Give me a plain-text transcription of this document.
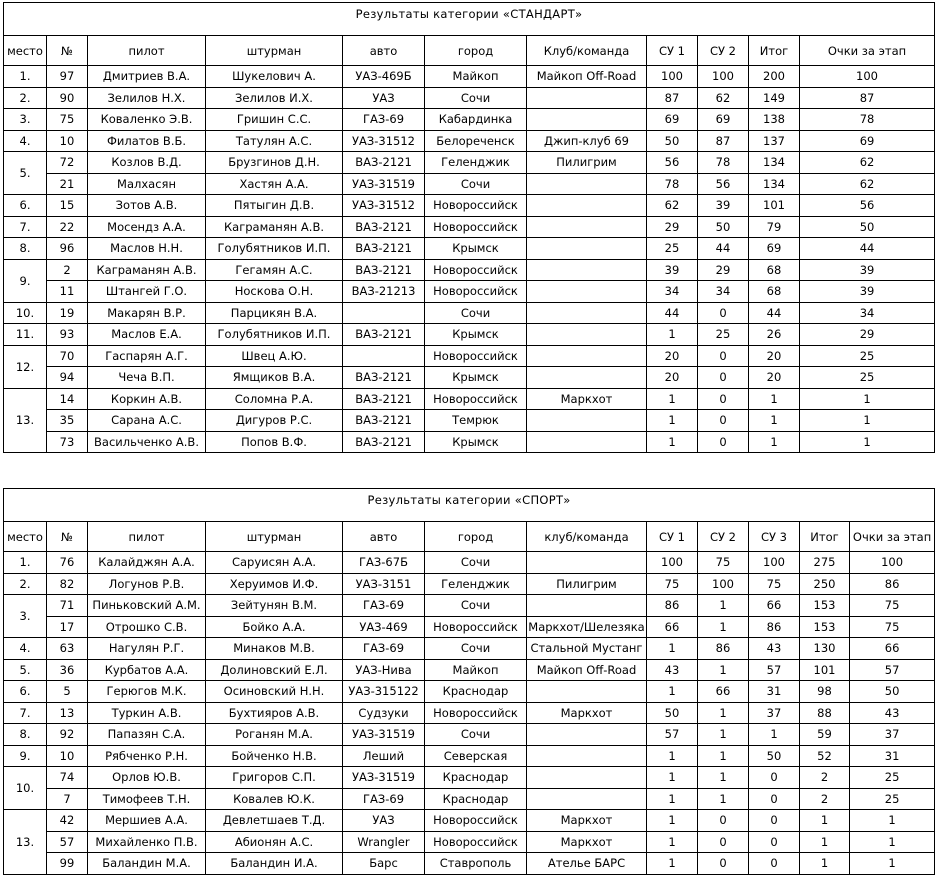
Результаты категории «СТАНДАРТ»										
место	№	пилот	штурман	авто	город	Клуб/команда	СУ 1	СУ 2	Итог	Очки за этап
1.	97	Дмитриев В.А.	Шукелович А.	УАЗ-469Б	Майкоп	Майкоп Off-Road	100	100	200	100
2.	90	Зелилов Н.Х.	Зелилов И.Х.	УАЗ	Сочи		87	62	149	87
3.	75	Коваленко Э.В.	Гришин С.С.	ГАЗ-69	Кабардинка		69	69	138	78
4.	10	Филатов В.Б.	Татулян А.С.	УАЗ-31512	Белореченск	Джип-клуб 69	50	87	137	69
5.	72	Козлов В.Д.	Брузгинов Д.Н.	ВАЗ-2121	Геленджик	Пилигрим	56	78	134	62
	21	Малхасян	Хастян А.А.	УАЗ-31519	Сочи		78	56	134	62
6.	15	Зотов А.В.	Пятыгин Д.В.	УАЗ-31512	Новороссийск		62	39	101	56
7.	22	Мосендз А.А.	Каграманян А.В.	ВАЗ-2121	Новороссийск		29	50	79	50
8.	96	Маслов Н.Н.	Голубятников И.П.	ВАЗ-2121	Крымск		25	44	69	44
9.	2	Каграманян А.В.	Гегамян А.С.	ВАЗ-2121	Новороссийск		39	29	68	39
	11	Штангей Г.О.	Носкова О.Н.	ВАЗ-21213	Новороссийск		34	34	68	39
10.	19	Макарян В.Р.	Парцикян В.А.		Сочи		44	0	44	34
11.	93	Маслов Е.А.	Голубятников И.П.	ВАЗ-2121	Крымск		1	25	26	29
12.	70	Гаспарян А.Г.	Швец А.Ю.		Новороссийск		20	0	20	25
	94	Чеча В.П.	Ямщиков В.А.	ВАЗ-2121	Крымск		20	0	20	25
13.	14	Коркин А.В.	Соломна Р.А.	ВАЗ-2121	Новороссийск	Маркхот	1	0	1	1
	35	Сарана А.С.	Дигуров Р.С.	ВАЗ-2121	Темрюк		1	0	1	1
	73	Васильченко А.В.	Попов В.Ф.	ВАЗ-2121	Крымск		1	0	1	1
Результаты категории «СПОРТ»											
место	№	пилот	штурман	авто	город	клуб/команда	СУ 1	СУ 2	СУ 3	Итог	Очки за этап
1.	76	Калайджян А.А.	Саруисян А.А.	ГАЗ-67Б	Сочи		100	75	100	275	100
2.	82	Логунов Р.В.	Херуимов И.Ф.	УАЗ-3151	Геленджик	Пилигрим	75	100	75	250	86
3.	71	Пиньковский А.М.	Зейтунян В.М.	ГАЗ-69	Сочи		86	1	66	153	75
	17	Отрошко С.В.	Бойко А.А.	УАЗ-469	Новороссийск	Маркхот/Шелезяка	66	1	86	153	75
4.	63	Нагулян Р.Г.	Минаков М.В.	ГАЗ-69	Сочи	Стальной Мустанг	1	86	43	130	66
5.	36	Курбатов А.А.	Долиновский Е.Л.	УАЗ-Нива	Майкоп	Майкоп Off-Road	43	1	57	101	57
6.	5	Герюгов М.К.	Осиновский Н.Н.	УАЗ-315122	Краснодар		1	66	31	98	50
7.	13	Туркин А.В.	Бухтияров А.В.	Судзуки	Новороссийск	Маркхот	50	1	37	88	43
8.	92	Папазян С.А.	Роганян М.А.	УАЗ-31519	Сочи		57	1	1	59	37
9.	10	Рябченко Р.Н.	Бойченко Н.В.	Леший	Северская		1	1	50	52	31
10.	74	Орлов Ю.В.	Григоров С.П.	УАЗ-31519	Краснодар		1	1	0	2	25
	7	Тимофеев Т.Н.	Ковалев Ю.К.	ГАЗ-69	Краснодар		1	1	0	2	25
13.	42	Мершиев А.А.	Девлетшаев Т.Д.	УАЗ	Новороссийск	Маркхот	1	0	0	1	1
	57	Михайленко П.В.	Абионян А.С.	Wrangler	Новороссийск	Маркхот	1	0	0	1	1
	99	Баландин М.А.	Баландин И.А.	Барс	Ставрополь	Ателье БАРС	1	0	0	1	1
